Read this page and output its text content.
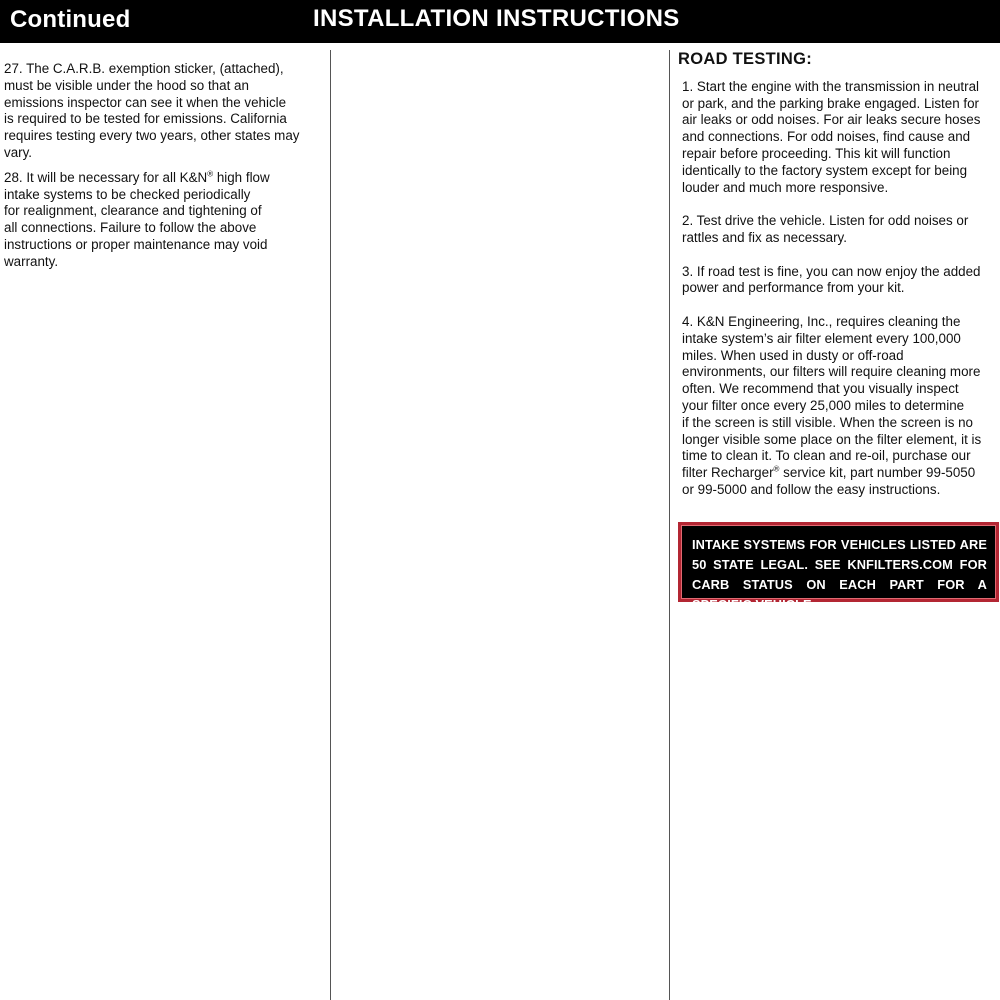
Continued	INSTALLATION INSTRUCTIONS

27. The C.A.R.B. exemption sticker, (attached),
must be visible under the hood so that an
emissions inspector can see it when the vehicle
is required to be tested for emissions. California
requires testing every two years, other states may
vary.

28. It will be necessary for all K&N® high flow
intake systems to be checked periodically
for realignment, clearance and tightening of
all connections. Failure to follow the above
instructions or proper maintenance may void
warranty.

ROAD TESTING:

1. Start the engine with the transmission in neutral
or park, and the parking brake engaged. Listen for
air leaks or odd noises. For air leaks secure hoses
and connections. For odd noises, find cause and
repair before proceeding. This kit will function
identically to the factory system except for being
louder and much more responsive.

2. Test drive the vehicle. Listen for odd noises or
rattles and fix as necessary.

3. If road test is fine, you can now enjoy the added
power and performance from your kit.

4. K&N Engineering, Inc., requires cleaning the
intake system’s air filter element every 100,000
miles. When used in dusty or off-road
environments, our filters will require cleaning more
often. We recommend that you visually inspect
your filter once every 25,000 miles to determine
if the screen is still visible. When the screen is no
longer visible some place on the filter element, it is
time to clean it. To clean and re-oil, purchase our
filter Recharger® service kit, part number 99-5050
or 99-5000 and follow the easy instructions.

INTAKE SYSTEMS FOR VEHICLES LISTED ARE 50 STATE LEGAL. SEE KNFILTERS.COM FOR CARB STATUS ON EACH PART FOR A SPECIFIC VEHICLE.
